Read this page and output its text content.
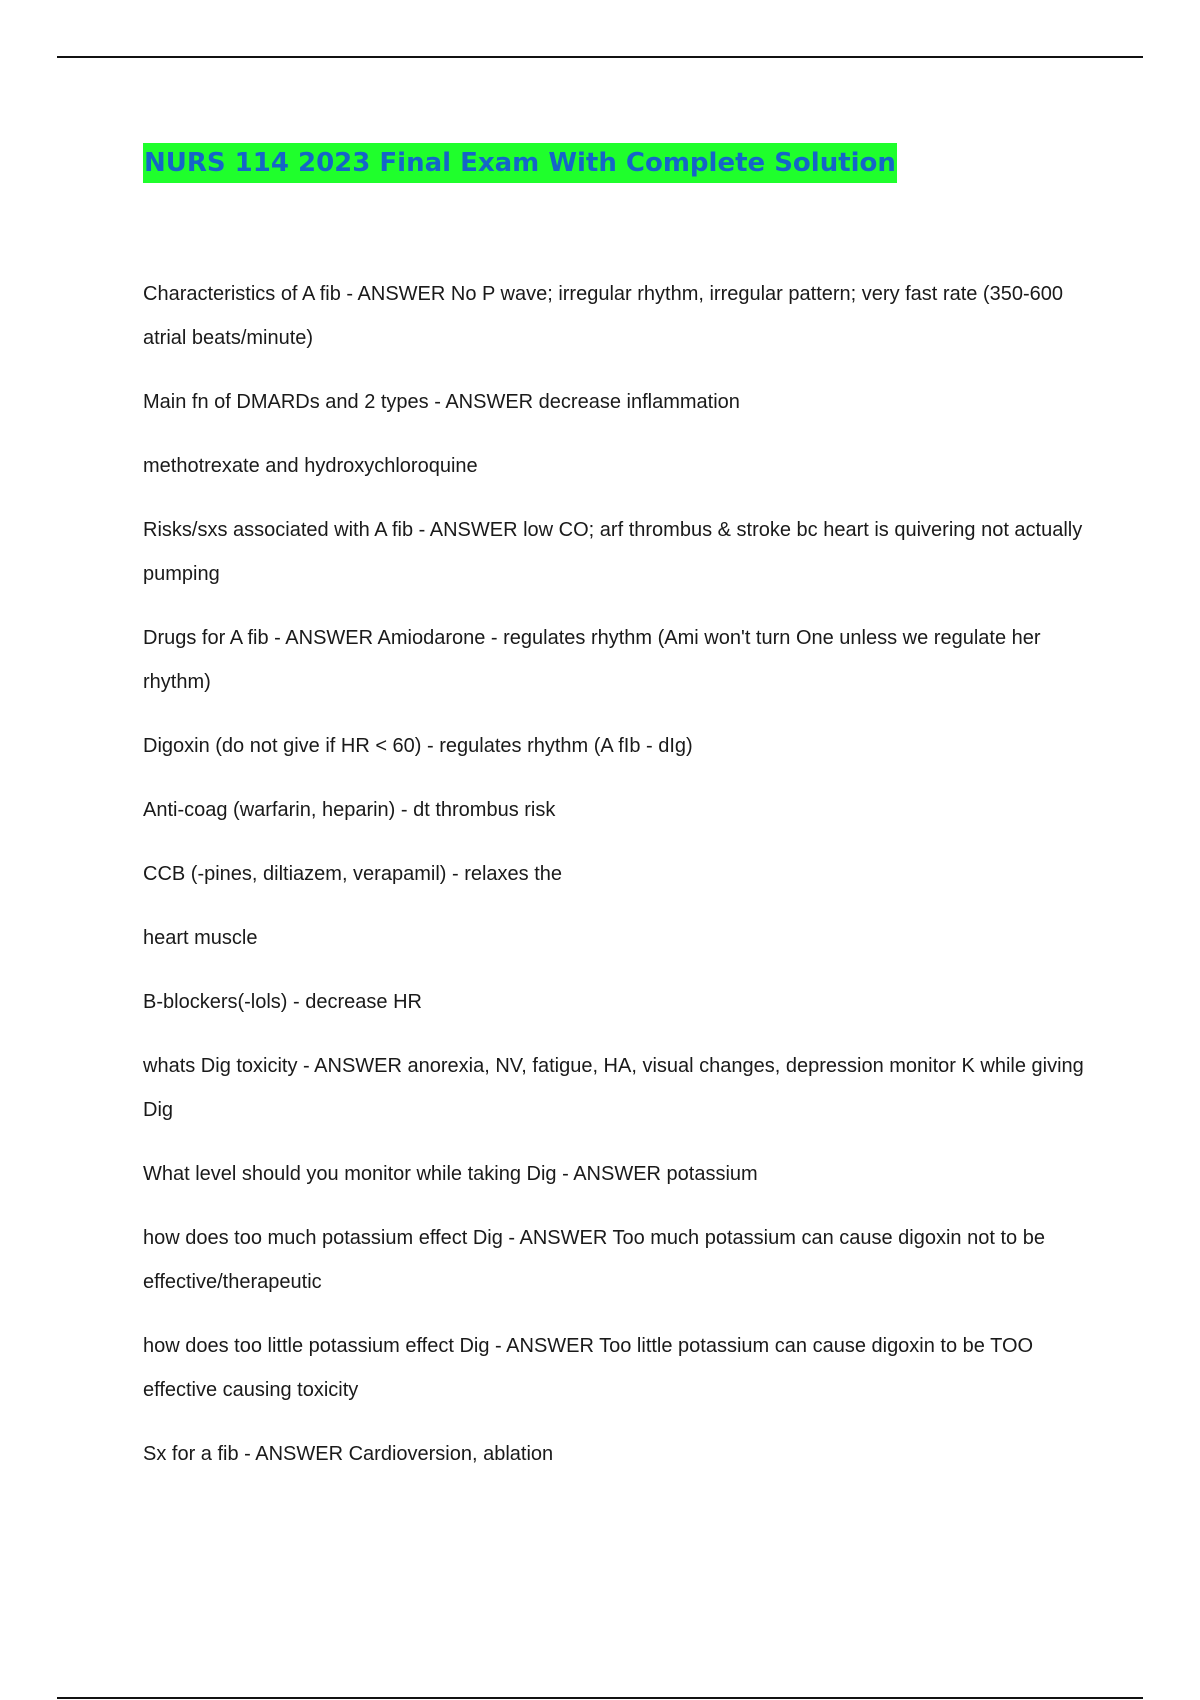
NURS 114 2023 Final Exam With Complete Solution

Characteristics of A fib - ANSWER No P wave; irregular rhythm, irregular pattern; very fast rate (350-600 atrial beats/minute)

Main fn of DMARDs and 2 types - ANSWER decrease inflammation

methotrexate and hydroxychloroquine

Risks/sxs associated with A fib - ANSWER low CO; arf thrombus & stroke bc heart is quivering not actually pumping

Drugs for A fib - ANSWER Amiodarone - regulates rhythm (Ami won't turn One unless we regulate her rhythm)

Digoxin (do not give if HR < 60) - regulates rhythm (A fIb - dIg)

Anti-coag (warfarin, heparin) - dt thrombus risk

CCB (-pines, diltiazem, verapamil) - relaxes the

heart muscle

B-blockers(-lols) - decrease HR

whats Dig toxicity - ANSWER anorexia, NV, fatigue, HA, visual changes, depression monitor K while giving Dig

What level should you monitor while taking Dig - ANSWER potassium

how does too much potassium effect Dig - ANSWER Too much potassium can cause digoxin not to be effective/therapeutic

how does too little potassium effect Dig - ANSWER Too little potassium can cause digoxin to be TOO effective causing toxicity

Sx for a fib - ANSWER Cardioversion, ablation
